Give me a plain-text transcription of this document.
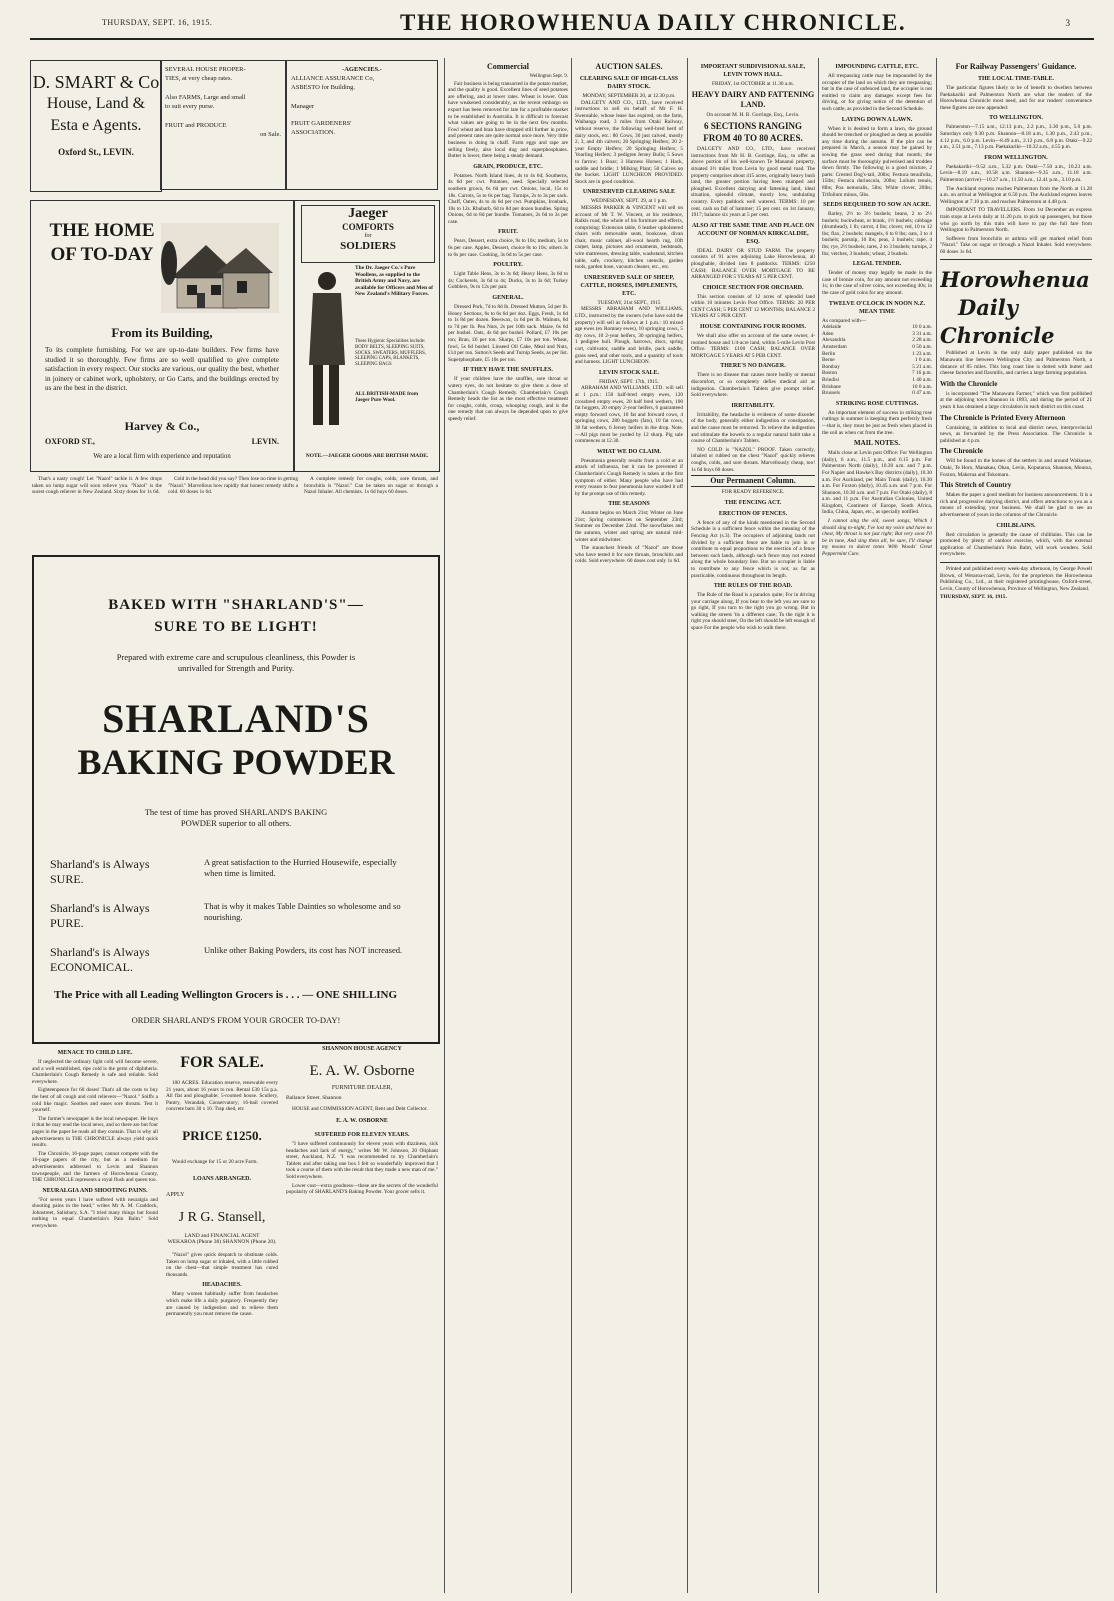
THURSDAY, SEPT. 16, 1915.	THE HOROWHENUA DAILY CHRONICLE.	3
D. SMART & Co
House, Land &
Esta e Agents.
Oxford St., LEVIN.
SEVERAL HOUSE PROPER-
TIES, at very cheap rates.
Also FARMS, Large and small
to suit every purse.
FRUIT and PRODUCE
on Sale.
-AGENCIES.-
ALLIANCE ASSURANCE Co,
ASBESTO for Building.
Manager
FRUIT GARDENERS'
ASSOCIATION.
THE HOME
OF TO-DAY
From its Building,
To its complete furnishing. For we are up-to-date builders. Few firms have studied it so thoroughly. Few firms are so well qualified to give complete satisfaction in every respect. Our stocks are various, our quality the best, whether in joinery or cabinet work, upholstery, or Go Carts, and the buildings erected by us are the best in the district.
Harvey & Co.,
OXFORD ST.,	LEVIN.
We are a local firm with experience and reputation
Jaeger
COMFORTS
for
SOLDIERS
The Dr. Jaeger Co.'s Pure Woollens, as supplied to the British Army and Navy, are available for Officers and Men of New Zealand's Military Forces.
These Hygienic Specialities include: BODY BELTS, SLEEPING SUITS, SOCKS, SWEATERS, MUFFLERS, SLEEPING CAPS, BLANKETS, SLEEPING BAGS
ALL BRITISH-MADE from Jaeger Pure Wool.
NOTE.—JAEGER GOODS ARE BRITISH MADE.

That's a nasty cough! Let "Nazol" tackle it. A few drops taken on lump sugar will soon relieve you. "Nazol" is the surest cough reliever in New Zealand. Sixty doses for 1s 6d.

Cold in the head did you say? Then lose no time in getting "Nazol." Marvellous how rapidly that honest remedy shifts a cold. 60 doses 1s 6d.

A complete remedy for coughs, colds, sore throats, and bronchitis is "Nazol." Can be taken on sugar or through a Nazol Inhaler. All chemists. 1s 6d buys 60 doses.

BAKED WITH "SHARLAND'S"—
SURE TO BE LIGHT!
Prepared with extreme care and scrupulous cleanliness, this Powder is unrivalled for Strength and Purity.
SHARLAND'S
BAKING POWDER
The test of time has proved SHARLAND'S BAKING POWDER superior to all others.
Sharland's is Always SURE.
A great satisfaction to the Hurried Housewife, especially when time is limited.
Sharland's is Always PURE.
That is why it makes Table Dainties so wholesome and so nourishing.
Sharland's is Always ECONOMICAL.
Unlike other Baking Powders, its cost has NOT increased.
The Price with all Leading Wellington Grocers is . . . — ONE SHILLING
ORDER SHARLAND'S FROM YOUR GROCER TO-DAY!
MENACE TO CHILD LIFE.

If neglected the ordinary light cold will become severe, and a well established, ripe cold is the germ of diphtheria. Chamberlain's Cough Remedy is safe and reliable. Sold everywhere.

Eighteenpence for 60 doses! That's all the costs to buy the best of all cough and cold relievers—"Nazol." Sniffs a cold like magic. Soothes and eases sore throats. Test it yourself.

The farmer's newspaper is the local newspaper. He buys it that he may read the local news, and so there are but four pages in the paper he reads all they contain. That is why all advertisements in THE CHRONICLE always yield quick results.

The Chronicle, 16-page paper, cannot compete with the 16-page papers of the city, but as a medium for advertisements addressed to Levin and Shannon townspeople, and the farmers of Horowhenua County, THE CHRONICLE represents a royal flush and queen too.

NEURALGIA AND SHOOTING PAINS.

"For seven years I have suffered with neuralgia and shooting pains in the head," writes Mr A. M. Craddock, Johnstreet, Salisbury, S.A. "I tried many things but found nothing to equal Chamberlain's Pain Balm." Sold everywhere.

FOR SALE.

100 ACRES. Education reserve, renewable every 21 years, about 16 years to run. Rental £30 15s p.a. All flat and ploughable; 5-roomed house. Scullery, Pantry, Verandah, Conservatory; 16-bail covered concrete barn 30 x 16. Trap shed, etc

PRICE £1250.

Would exchange for 15 or 20 acre Farm.

LOANS ARRANGED.
APPLY
J R G. Stansell,
LAND and FINANCIAL AGENT
WEKAROA (Phone 38) SHANNON (Phone 20).

"Nazol" gives quick despatch to obstinate colds. Taken on lump sugar or inhaled, with a little rubbed on the chest—that simple treatment has cured thousands.

HEADACHES.

Many women habitually suffer from headaches which make life a daily purgatory. Frequently they are caused by indigestion and to relieve them permanently you must remove the cause.

SHANNON HOUSE AGENCY
E. A. W. Osborne
FURNITURE DEALER,
Ballance Street. Shannon

HOUSE and COMMISSION AGENT, Rent and Debt Collector.

E. A. W. OSBORNE
SUFFERED FOR ELEVEN YEARS.

"I have suffered continuously for eleven years with dizziness, sick headaches and lack of energy," writes Mr W. Johnson, 20 Oliphant street, Auckland, N.Z. "I was recommended to try Chamberlain's Tablets and after taking one box I felt so wonderfully improved that I took a course of them with the result that they made a new man of me." Sold everywhere.

Lower cost—extra goodness—these are the secrets of the wonderful popularity of SHARLAND'S Baking Powder. Your grocer sells it.

Commercial
Wellington Sept. 9.

Fair business is being transacted in the potato market, and the quality is good. Excellent lines of seed potatoes are offering, and at lower rates. Wheat is lower. Oats have weakened considerably, as the recent embargo on export has been removed for late for a profitable market to be established in Australia. It is difficult to forecast what values are going to be in the next few months. Fowl wheat and bran have dropped still further in price, and present rates are quite normal once more. Very little business is doing in chaff. Farm eggs and rape are selling freely, also local dug and superphosphates. Butter is lower, there being a steady demand.

GRAIN, PRODUCE, ETC.

Potatoes. North Island lines, 4s to 4s 6d; Southerns, 4s 6d per cwt. Potatoes, seed. Specially selected southern grown, 6s 6d per cwt. Onions, local, 15s to 18s. Carrots, 5s to 6s per bag. Turnips, 2s to 3s per sack. Chaff, Oaten, 4s to 4s 6d per cwt. Pumpkins, Ironbark, 10s to 12s. Rhubarb, 6d to 8d per dozen bundles. Spring Onions, 6d to 8d per bundle. Tomatoes, 2s 6d to 3s per case.

FRUIT.

Pears, Dessert, extra choice, 9s to 10s; medium, 5s to 6s per case. Apples, Dessert, choice 8s to 10s; others 3s to 6s per case. Cooking, 3s 6d to 5s per case.

POULTRY.

Light Table Hens, 3s to 3s 6d; Heavy Hens, 3s 6d to 4s; Cockerels, 3s 6d to 4s; Ducks, 3s to 3s 6d; Turkey Gobblers, 9s to 12s per pair.

GENERAL.

Dressed Pork, 7d to 8d lb. Dressed Mutton, 5d per lb. Honey Sections, 6s to 6s 6d per doz. Eggs, Fresh, 1s 6d to 1s 8d per dozen. Beeswax, 1s 6d per lb. Walnuts, 6d to 7d per lb. Pea Nuts, 2s per 10lb sack. Maize, 6s 6d per bushel. Oats, 4s 6d per bushel. Pollard, £7 10s per ton; Bran, £6 per ton. Sharps, £7 10s per ton. Wheat, fowl, 5s 6d bushel. Linseed Oil Cake, Meal and Nuts, £14 per ton. Sutton's Seeds and Turnip Seeds, as per list. Superphosphate, £5 10s per ton.

IF THEY HAVE THE SNUFFLES.

If your children have the snuffles, sore throat or watery eyes, do not hesitate to give them a dose of Chamberlain's Cough Remedy. Chamberlain's Cough Remedy heads the list as the most effective treatment for coughs, colds, croup, whooping cough, and is the one remedy that can always be depended upon to give speedy relief.

AUCTION SALES.
CLEARING SALE OF HIGH-CLASS DAIRY STOCK.
MONDAY, SEPTEMBER 20, at 12.30 p.m.

DALGETY AND CO., LTD., have received instructions to sell on behalf of Mr F. H. Swensahle, whose lease has expired, on the farm, Waihanga road, 3 miles from Otaki Railway, without reserve, the following well-bred herd of dairy stock, etc.: 80 Cows, 30 just calved, mostly 2, 3, and 4th calvers; 20 Springing Heifers; 20 2-year Empty Heifers; 20 Springing Heifers; 5 Yearling Heifers; 3 pedigree Jersey Bulls; 5 Sows to farrow; 1 Boar; 3 Harness Horses; 1 Hack, saddle and bridle; 1 Milking Plant; 50 Calves on the bucket. LIGHT LUNCHEON PROVIDED. Stock are in good condition.

UNRESERVED CLEARING SALE
WEDNESDAY, SEPT. 29, at 1 p.m.

MESSRS PARKER & VINCENT will sell on account of Mr T. W. Vincent, at his residence, Raikis road, the whole of his furniture and effects, comprising: Extension table, 6 leather upholstered chairs with removable seats, bookcase, divan chair, music cabinet, all-wool hearth rug, 10ft carpet, lamp, pictures and ornaments, bedsteads, wire mattresses, dressing table, washstand, kitchen table, safe, crockery, kitchen utensils, garden tools, garden hose, vacuum cleaner, etc., etc.

UNRESERVED SALE OF SHEEP, CATTLE, HORSES, IMPLEMENTS, ETC.
TUESDAY, 21st SEPT., 1915

MESSRS ABRAHAM AND WILLIAMS, LTD., instructed by the owners (who have sold the property) will sell as follows at 1 p.m.: 10 mixed age ewes (ex Romney ewes), 10 springing cows, 5 dry cows, 10 2-year heifers, 30 springing heifers, 1 pedigree bull. Plough, harrows, discs, spring cart, cultivator, saddle and bridle, pack saddle, grass seed, and other tools, and a quantity of tools and harness. LIGHT LUNCHEON.

LEVIN STOCK SALE.
FRIDAY, SEPT. 17th, 1915.

ABRAHAM AND WILLIAMS, LTD. will sell at 1 p.m.: 150 half-bred empty ewes, 120 crossbred empty ewes, 20 half bred wethers, 100 fat hoggets, 20 empty 2-year heifers, 6 guaranteed empty forward cows, 10 fat and forward cows, 4 springing cows, 280 hoggets (fats), 10 fat cows, 30 fat wethers, 6 Jersey heifers in the drop. Note.—All pigs must be yarded by 12 sharp. Pig sale commences at 12.30.

WHAT WE DO CLAIM.

Pneumonia generally results from a cold or an attack of influenza, but it can be prevented if Chamberlain's Cough Remedy is taken at the first symptom of either. Many people who have had every reason to fear pneumonia have warded it off by the prompt use of this remedy.

THE SEASONS

Autumn begins on March 21st; Winter on June 21st; Spring commences on September 23rd; Summer on December 22nd. The snowflakes and the autumn, winter and spring are natural mid-winter and midwinter.

The staunchest friends of "Nazol" are those who have tested it for sore throats, bronchitis and colds. Sold everywhere. 60 doses cost only 1s 6d.

IMPORTANT SUBDIVISIONAL SALE, LEVIN TOWN HALL.
FRIDAY, 1st OCTOBER at 11.30 a.m.
HEAVY DAIRY AND FATTENING LAND.
On account M. H. B. Gorringe, Esq., Levin.
6 SECTIONS RANGING FROM 40 TO 80 ACRES.

DALGETY AND CO., LTD., have received instructions from Mr H. B. Gorringe, Esq., to offer as above portion of his well-known Te Mananui property, situated 3½ miles from Levin by good metal road. The property comprises about 415 acres, originally heavy bush land, the greater portion having been stumped and ploughed. Excellent dairying and fattening land, ideal situation, splendid climate, mostly low, undulating country. Every paddock well watered. TERMS: 10 per cent. cash on fall of hammer; 15 per cent. on 1st January, 1917; balance six years at 5 per cent.

ALSO AT THE SAME TIME AND PLACE ON ACCOUNT OF NORMAN KIRKCALDIE, ESQ.

IDEAL DAIRY OR STUD FARM. The property consists of 91 acres adjoining Lake Horowhenua, all ploughable, divided into 8 paddocks. TERMS: £250 CASH; BALANCE OVER MORTGAGE TO BE ARRANGED FOR 5 YEARS AT 5 PER CENT.

CHOICE SECTION FOR ORCHARD.

This section consists of 12 acres of splendid land within 10 minutes Levin Post Office. TERMS: 20 PER CENT CASH; 5 PER CENT 12 MONTHS; BALANCE 2 YEARS AT 5 PER CENT.

HOUSE CONTAINING FOUR ROOMS.

We shall also offer on account of the same owner, 4-roomed house and 1/4-acre land, within 5-mile Levin Post Office. TERMS: £100 CASH; BALANCE OVER MORTGAGE 5 YEARS AT 5 PER CENT.

THERE'S NO DANGER.

There is no disease that causes more bodily or mental discomfort, or so completely defies medical aid as indigestion. Chamberlain's Tablets give prompt relief. Sold everywhere.

IRRITABILITY.

Irritability, the headache is evidence of some disorder of the body, generally either indigestion or constipation, and the cause must be removed. To relieve the indigestion and stimulate the bowels to a regular natural habit take a course of Chamberlain's Tablets.

NO COLD is "NAZOL" PROOF. Taken correctly, inhaled or rubbed on the chest "Nazol" quickly relieves coughs, colds, and sore throats. Marvellously cheap, too! 1s 6d buys 60 doses.

Our Permanent Column.
FOR READY REFERENCE.
THE FENCING ACT.
ERECTION OF FENCES.

A fence of any of the kinds mentioned in the Second Schedule is a sufficient fence within the meaning of the Fencing Act (s.3). The occupiers of adjoining lands not divided by a sufficient fence are liable to join in or contribute to equal proportions to the erection of a fence between such lands, although such fence may not extend along the whole boundary line. But no occupier is liable to contribute to any fence which is not, as far as practicable, continuous throughout its length.

THE RULES OF THE ROAD.

The Rule of the Road is a paradox quite; For in driving your carriage along, If you bear to the left you are sure to go right, If you turn to the right you go wrong. But in walking the streets 'tis a different case; To the right it is right you should steer, On the left should be left enough of space For the people who wish to walk there.

IMPOUNDING CATTLE, ETC.

All trespassing cattle may be impounded by the occupier of the land on which they are trespassing; but in the case of unfenced land, the occupier is not entitled to claim any damages except fees for driving, or for giving notice of the detention of such cattle, as provided in the Second Schedule.

LAYING DOWN A LAWN.

When it is desired to form a lawn, the ground should be trenched or ploughed as deep as possible any time during the autumn. If the plot can be prepared in March, a season may be gained by sowing the grass seed during that month; the surface must be thoroughly pulverised and trodden down firmly. The following is a good mixture, 2 parts: Crested Dog's-tail, 20lbs; Festuca tenuifolia, 15lbs; Festuca duriuscula, 20lbs; Lolium tenuis, 8lbs; Poa nemoralis, 5lbs; White clover, 20lbs; Trifolium minus, 5lbs.

SEEDS REQUIRED TO SOW AN ACRE.

Barley, 2½ to 3½ bushels; beans, 2 to 2½ bushels; buckwheat, or brank, 1½ bushels; cabbage (drumhead), 1 lb; carrot, 4 lbs; clover, red, 10 to 12 lbs; flax, 2 bushels; mangels, 6 to 8 lbs; oats, 3 to 4 bushels; parsnip, 10 lbs; peas, 3 bushels; rape, 4 lbs; rye, 2½ bushels; tares, 2 to 3 bushels; turnips, 2 lbs; vetches, 3 bushels; wheat, 2 bushels.

LEGAL TENDER.

Tender of money may legally be made in the case of bronze coin, for any amount not exceeding 1s; in the case of silver coins, not exceeding 40s; in the case of gold coins for any amount.

TWELVE O'CLOCK IN NOON N.Z. MEAN TIME
As compared with—
Adelaide	10 0 a.m.
Aden	3 31 a.m.
Alexandria	2 28 a.m.
Amsterdam	0 50 a.m.
Berlin	1 23 a.m.
Berne	1 0 a.m.
Bombay	5 21 a.m.
Boston	7 16 p.m.
Brindisi	1 40 a.m.
Brisbane	10 0 a.m.
Brussels	0 47 a.m.
STRIKING ROSE CUTTINGS.

An important element of success in striking rose cuttings in summer is keeping them perfectly fresh—that is, they must be just as fresh when placed in the soil as when cut from the tree.

MAIL NOTES.

Mails close at Levin post Office: For Wellington (daily), 6 a.m., 11.5 p.m., and 6.15 p.m. For Palmerston North (daily), 10.30 a.m. and 7 p.m. For Napier and Hawke's Bay districts (daily), 10.30 a.m. For Auckland, per Main Trunk (daily), 10.30 a.m. For Foxton (daily), 10.45 a.m. and 7 p.m. For Shannon, 10.30 a.m. and 7 p.m. For Otaki (daily), 8 a.m. and 11 p.m. For Australian Colonies, United Kingdom, Continent of Europe, South Africa, India, China, Japan, etc., as specially notified.

I cannot sing the old, sweet songs, Which I should sing to-night, I've lost my voice and have no chest, My throat is not just right; But very soon I'll be in tune, And sing them all, be sure, I'll change my moans to dulcet tones With Woods' Great Peppermint Cure.

For Railway Passengers' Guidance.
THE LOCAL TIME-TABLE.

The particular figures likely to be of benefit to dwellers between Paekakariki and Palmerston North are what the readers of the Horowhenua Chronicle most need, and for our readers' convenience these figures are now appended:

TO WELLINGTON.

Palmerston—7.15 a.m., 12.13 p.m., 2.2 p.m., 3.30 p.m., 5.0 p.m. Saturdays only 9.30 p.m. Shannon—8.18 a.m., 1.30 p.m., 2.43 p.m., 4.12 p.m., 6.0 p.m. Levin—8.49 a.m., 2.12 p.m., 6.8 p.m. Otaki—9.22 a.m., 2.51 p.m., 7.13 p.m. Paekakariki—10.32 a.m., 4.55 p.m.

FROM WELLINGTON.

Paekakariki—9.52 a.m., 5.32 p.m. Otaki—7.50 a.m., 10.23 a.m. Levin—8.19 a.m., 10.58 a.m. Shannon—9.35 a.m., 11.18 a.m. Palmerston (arrive)—10.27 a.m., 11.50 a.m., 12.41 p.m., 3.10 p.m.

The Auckland express reaches Palmerston from the North at 11.28 a.m. on arrival at Wellington at 6.50 p.m. The Auckland express leaves Wellington at 7.10 p.m. and reaches Palmerston at 4.48 p.m.

IMPORTANT TO TRAVELLERS. From 1st December an express train stops at Levin daily at 11.20 p.m. to pick up passengers, but those who go north by this train will have to pay the full fare from Wellington to Palmerston North.

Sufferers from bronchitis or asthma will get marked relief from "Nazol." Take on sugar or through a Nazol Inhaler. Sold everywhere. 60 doses 1s 6d.

Horowhenua
Daily
Chronicle

Published at Levin in the only daily paper published on the Manawatu line between Wellington City and Palmerston North, a distance of 85 miles. This long coast line is dotted with butter and cheese factories and flaxmills, and carries a large farming population.

With the Chronicle

is incorporated "The Manawatu Farmer," which was first published at the adjoining town Shannon in 1893, and during the period of 21 years it has obtained a large circulation in each district on this coast.

The Chronicle is Printed Every Afternoon

Containing, in addition to local and district news, interprovincial news, as forwarded by the Press Association. The Chronicle is published at 4 p.m.

The Chronicle

Will be found in the homes of the settlers in and around Waikanae, Otaki, Te Horo, Manakau, Ohau, Levin, Koputaroa, Shannon, Moutoa, Foxton, Makerua and Tokomaru.

This Stretch of Country

Makes the paper a good medium for business announcements. It is a rich and progressive dairying district, and offers attractions to you as a means of extending your business. We shall be glad to see an advertisement of yours in the columns of the Chronicle.

CHILBLAINS.

Red circulation is generally the cause of chilblains. This can be promoted by plenty of outdoor exercise, which, with the external application of Chamberlain's Pain Balm, will work wonders. Sold everywhere.

Printed and published every week-day afternoon, by George Powell Brown, of Weraroa-road, Levin, for the proprietors the Horowhenua Publishing Co., Ltd., at their registered printinghouse, Oxford-street, Levin, County of Horowhenua, Province of Wellington, New Zealand.

THURSDAY, SEPT. 16, 1915.
